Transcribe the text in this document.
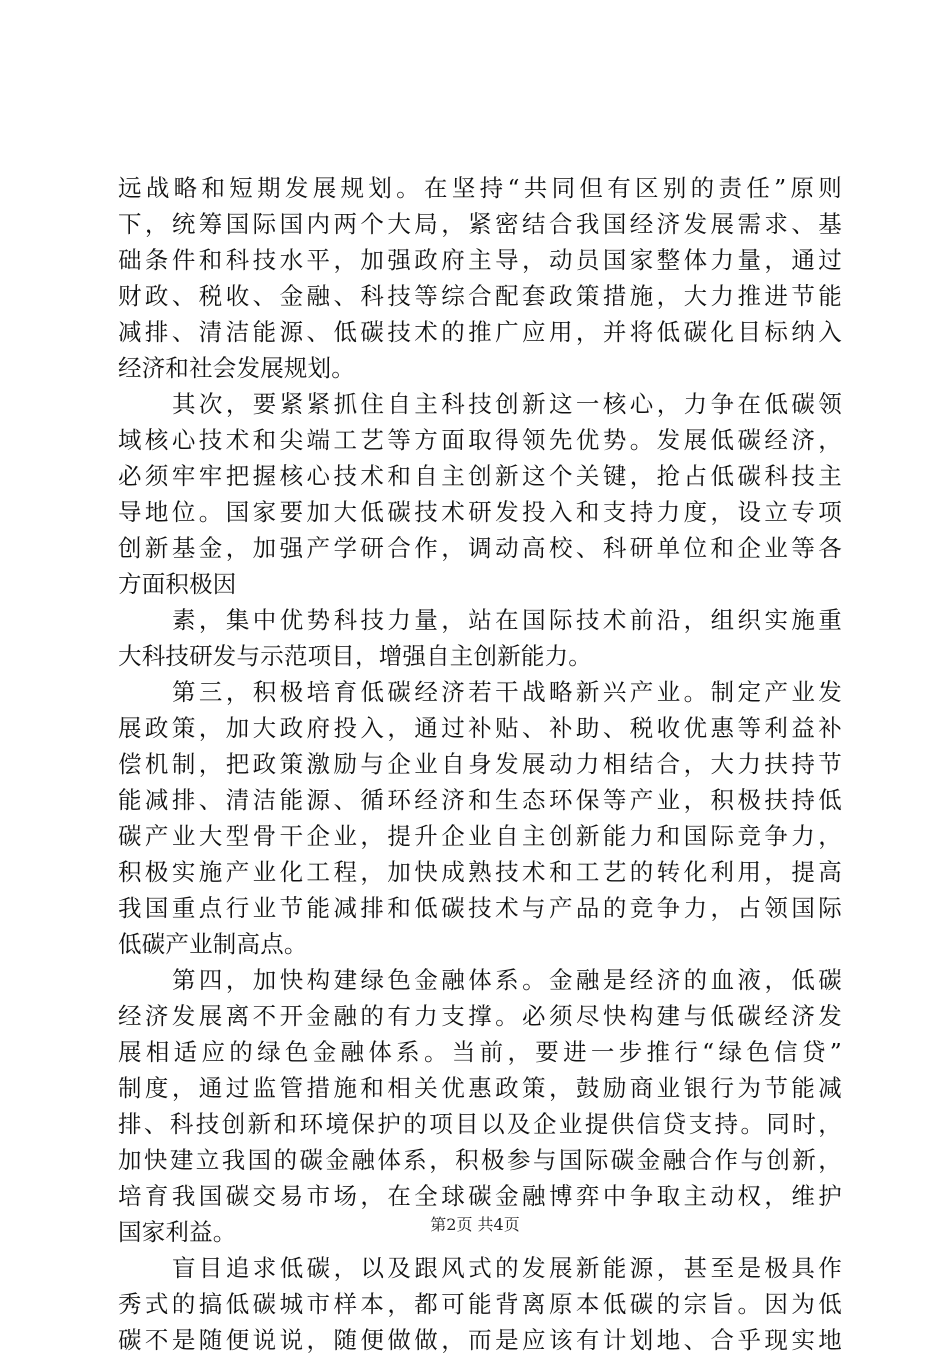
远战略和短期发展规划。在坚持“共同但有区别的责任”原则
下，统筹国际国内两个大局，紧密结合我国经济发展需求、基
础条件和科技水平，加强政府主导，动员国家整体力量，通过
财政、税收、金融、科技等综合配套政策措施，大力推进节能
减排、清洁能源、低碳技术的推广应用，并将低碳化目标纳入
经济和社会发展规划。
其次，要紧紧抓住自主科技创新这一核心，力争在低碳领
域核心技术和尖端工艺等方面取得领先优势。发展低碳经济，
必须牢牢把握核心技术和自主创新这个关键，抢占低碳科技主
导地位。国家要加大低碳技术研发投入和支持力度，设立专项
创新基金，加强产学研合作，调动高校、科研单位和企业等各
方面积极因
素，集中优势科技力量，站在国际技术前沿，组织实施重
大科技研发与示范项目，增强自主创新能力。
第三，积极培育低碳经济若干战略新兴产业。制定产业发
展政策，加大政府投入，通过补贴、补助、税收优惠等利益补
偿机制，把政策激励与企业自身发展动力相结合，大力扶持节
能减排、清洁能源、循环经济和生态环保等产业，积极扶持低
碳产业大型骨干企业，提升企业自主创新能力和国际竞争力，
积极实施产业化工程，加快成熟技术和工艺的转化利用，提高
我国重点行业节能减排和低碳技术与产品的竞争力，占领国际
低碳产业制高点。
第四，加快构建绿色金融体系。金融是经济的血液，低碳
经济发展离不开金融的有力支撑。必须尽快构建与低碳经济发
展相适应的绿色金融体系。当前，要进一步推行“绿色信贷”
制度，通过监管措施和相关优惠政策，鼓励商业银行为节能减
排、科技创新和环境保护的项目以及企业提供信贷支持。同时，
加快建立我国的碳金融体系，积极参与国际碳金融合作与创新，
培育我国碳交易市场，在全球碳金融博弈中争取主动权，维护
国家利益。
盲目追求低碳，以及跟风式的发展新能源，甚至是极具作
秀式的搞低碳城市样本，都可能背离原本低碳的宗旨。因为低
碳不是随便说说，随便做做，而是应该有计划地、合乎现实地
第2页 共4页
